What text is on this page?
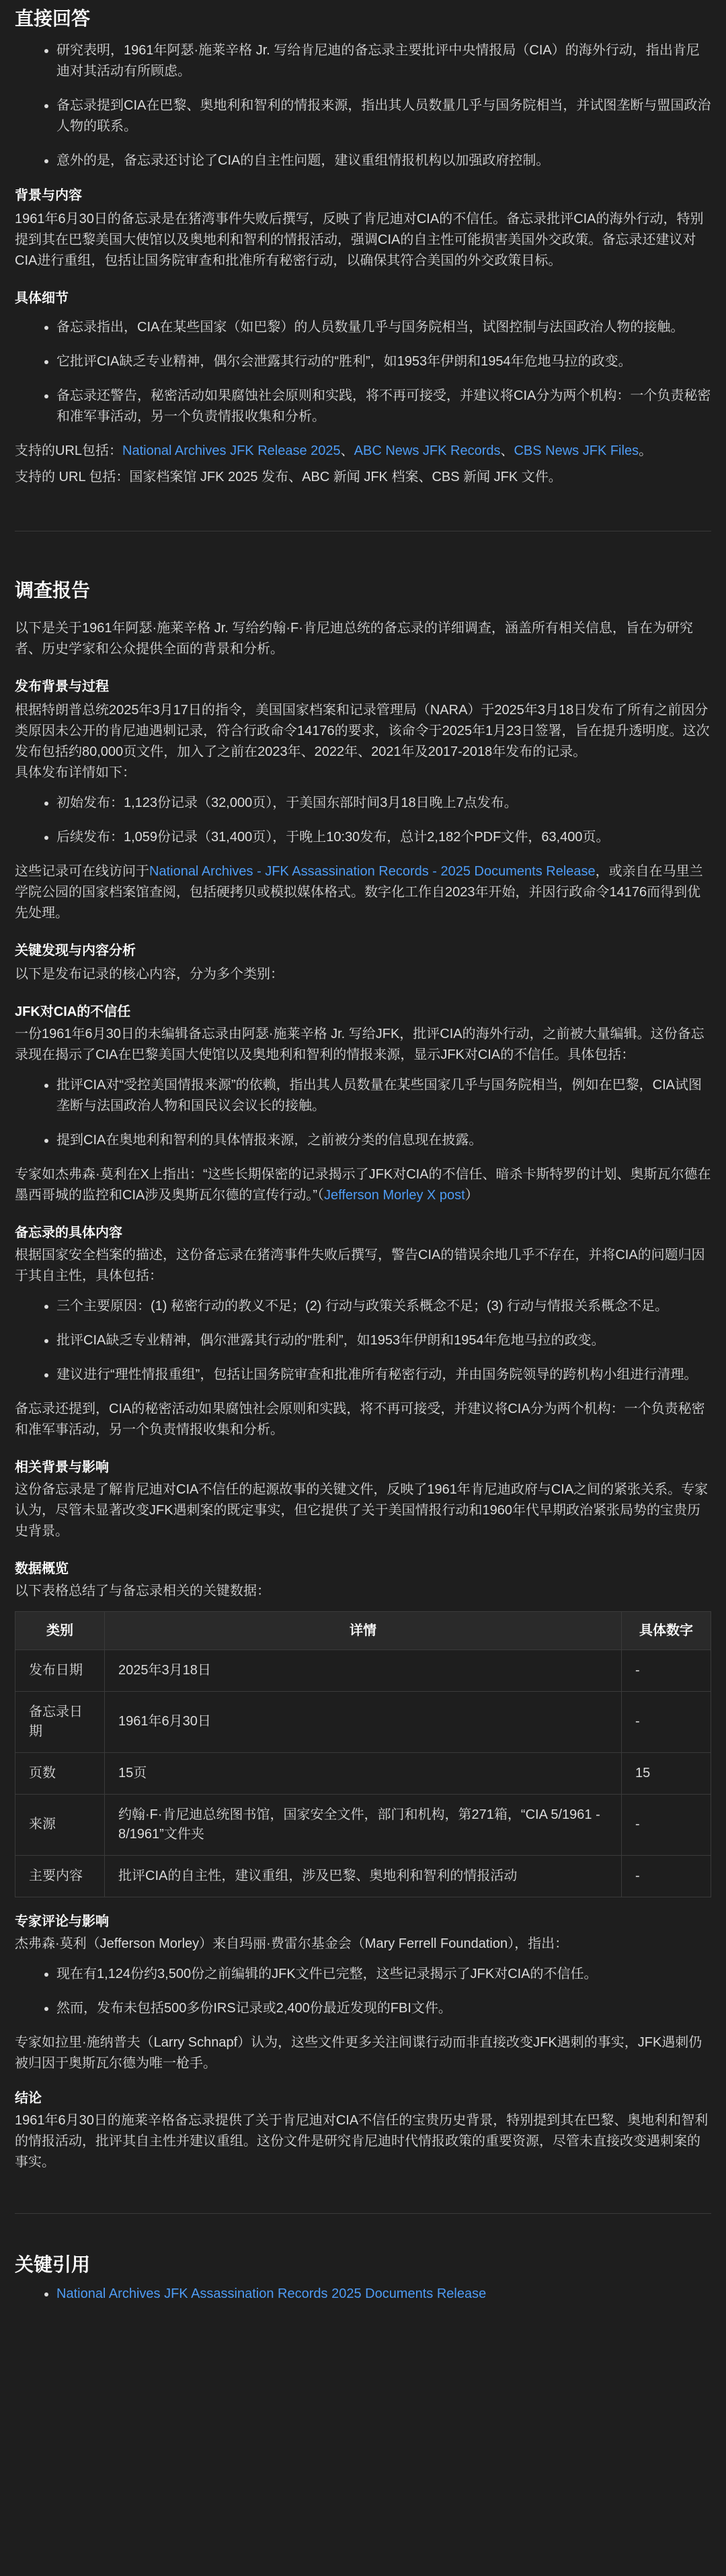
直接回答
• 研究表明，1961年阿瑟·施莱辛格 Jr. 写给肯尼迪的备忘录主要批评中央情报局（CIA）的海外行动，指出肯尼迪对其活动有所顾虑。
• 备忘录提到CIA在巴黎、奥地利和智利的情报来源，指出其人员数量几乎与国务院相当，并试图垄断与盟国政治人物的联系。
• 意外的是，备忘录还讨论了CIA的自主性问题，建议重组情报机构以加强政府控制。
背景与内容

1961年6月30日的备忘录是在猪湾事件失败后撰写，反映了肯尼迪对CIA的不信任。备忘录批评CIA的海外行动，特别提到其在巴黎美国大使馆以及奥地利和智利的情报活动，强调CIA的自主性可能损害美国外交政策。备忘录还建议对CIA进行重组，包括让国务院审查和批准所有秘密行动，以确保其符合美国的外交政策目标。

具体细节
• 备忘录指出，CIA在某些国家（如巴黎）的人员数量几乎与国务院相当，试图控制与法国政治人物的接触。
• 它批评CIA缺乏专业精神，偶尔会泄露其行动的“胜利”，如1953年伊朗和1954年危地马拉的政变。
• 备忘录还警告，秘密活动如果腐蚀社会原则和实践，将不再可接受，并建议将CIA分为两个机构：一个负责秘密和准军事活动，另一个负责情报收集和分析。

支持的URL包括：National Archives JFK Release 2025、ABC News JFK Records、CBS News JFK Files。

支持的 URL 包括：国家档案馆 JFK 2025 发布、ABC 新闻 JFK 档案、CBS 新闻 JFK 文件。

调查报告

以下是关于1961年阿瑟·施莱辛格 Jr. 写给约翰·F·肯尼迪总统的备忘录的详细调查，涵盖所有相关信息，旨在为研究者、历史学家和公众提供全面的背景和分析。

发布背景与过程

根据特朗普总统2025年3月17日的指令，美国国家档案和记录管理局（NARA）于2025年3月18日发布了所有之前因分类原因未公开的肯尼迪遇刺记录，符合行政命令14176的要求，该命令于2025年1月23日签署，旨在提升透明度。这次发布包括约80,000页文件，加入了之前在2023年、2022年、2021年及2017-2018年发布的记录。

具体发布详情如下：

• 初始发布：1,123份记录（32,000页），于美国东部时间3月18日晚上7点发布。
• 后续发布：1,059份记录（31,400页），于晚上10:30发布，总计2,182个PDF文件，63,400页。

这些记录可在线访问于National Archives - JFK Assassination Records - 2025 Documents Release，或亲自在马里兰学院公园的国家档案馆查阅，包括硬拷贝或模拟媒体格式。数字化工作自2023年开始，并因行政命令14176而得到优先处理。

关键发现与内容分析

以下是发布记录的核心内容，分为多个类别：

JFK对CIA的不信任

一份1961年6月30日的未编辑备忘录由阿瑟·施莱辛格 Jr. 写给JFK，批评CIA的海外行动，之前被大量编辑。这份备忘录现在揭示了CIA在巴黎美国大使馆以及奥地利和智利的情报来源，显示JFK对CIA的不信任。具体包括：

• 批评CIA对“受控美国情报来源”的依赖，指出其人员数量在某些国家几乎与国务院相当，例如在巴黎，CIA试图垄断与法国政治人物和国民议会议长的接触。
• 提到CIA在奥地利和智利的具体情报来源，之前被分类的信息现在披露。

专家如杰弗森·莫利在X上指出：“这些长期保密的记录揭示了JFK对CIA的不信任、暗杀卡斯特罗的计划、奥斯瓦尔德在墨西哥城的监控和CIA涉及奥斯瓦尔德的宣传行动。”（Jefferson Morley X post）

备忘录的具体内容

根据国家安全档案的描述，这份备忘录在猪湾事件失败后撰写，警告CIA的错误余地几乎不存在，并将CIA的问题归因于其自主性，具体包括：

• 三个主要原因：(1) 秘密行动的教义不足；(2) 行动与政策关系概念不足；(3) 行动与情报关系概念不足。
• 批评CIA缺乏专业精神，偶尔泄露其行动的“胜利”，如1953年伊朗和1954年危地马拉的政变。
• 建议进行“理性情报重组”，包括让国务院审查和批准所有秘密行动，并由国务院领导的跨机构小组进行清理。

备忘录还提到，CIA的秘密活动如果腐蚀社会原则和实践，将不再可接受，并建议将CIA分为两个机构：一个负责秘密和准军事活动，另一个负责情报收集和分析。

相关背景与影响

这份备忘录是了解肯尼迪对CIA不信任的起源故事的关键文件，反映了1961年肯尼迪政府与CIA之间的紧张关系。专家认为，尽管未显著改变JFK遇刺案的既定事实，但它提供了关于美国情报行动和1960年代早期政治紧张局势的宝贵历史背景。

数据概览

以下表格总结了与备忘录相关的关键数据：

类别	详情	具体数字
发布日期	2025年3月18日	-
备忘录日期	1961年6月30日	-
页数	15页	15
来源	约翰·F·肯尼迪总统图书馆，国家安全文件，部门和机构，第271箱，“CIA 5/1961 - 8/1961”文件夹	-
主要内容	批评CIA的自主性，建议重组，涉及巴黎、奥地利和智利的情报活动	-
专家评论与影响

杰弗森·莫利（Jefferson Morley）来自玛丽·费雷尔基金会（Mary Ferrell Foundation），指出：

• 现在有1,124份约3,500份之前编辑的JFK文件已完整，这些记录揭示了JFK对CIA的不信任。
• 然而，发布未包括500多份IRS记录或2,400份最近发现的FBI文件。

专家如拉里·施纳普夫（Larry Schnapf）认为，这些文件更多关注间谍行动而非直接改变JFK遇刺的事实，JFK遇刺仍被归因于奥斯瓦尔德为唯一枪手。

结论

1961年6月30日的施莱辛格备忘录提供了关于肯尼迪对CIA不信任的宝贵历史背景，特别提到其在巴黎、奥地利和智利的情报活动，批评其自主性并建议重组。这份文件是研究肯尼迪时代情报政策的重要资源，尽管未直接改变遇刺案的事实。

关键引用
• National Archives JFK Assassination Records 2025 Documents Release
